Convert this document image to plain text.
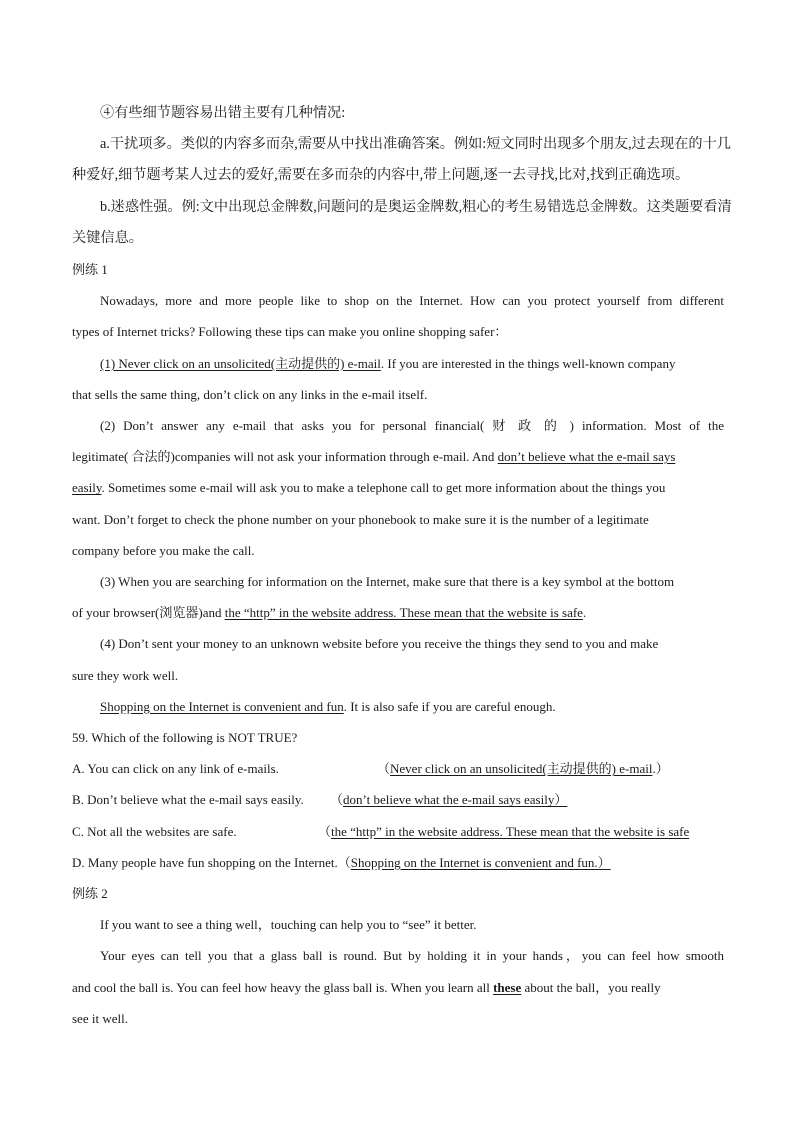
④有些细节题容易出错主要有几种情况:
a.干扰项多。类似的内容多而杂,需要从中找出准确答案。例如:短文同时出现多个朋友,过去现在的十几
种爱好,细节题考某人过去的爱好,需要在多而杂的内容中,带上问题,逐一去寻找,比对,找到正确选项。
b.迷惑性强。例:文中出现总金牌数,问题问的是奥运金牌数,粗心的考生易错选总金牌数。这类题要看清
关键信息。
例练 1
Nowadays, more and more people like to shop on the Internet. How can you protect yourself from different
types of Internet tricks? Following these tips can make you online shopping safer：
(1) Never click on an unsolicited(主动提供的) e-mail. If you are interested in the things well-known company
that sells the same thing, don’t click on any links in the e-mail itself.
(2) Don’t answer any e-mail that asks you for personal financial( 财 政 的 ) information. Most of the
legitimate( 合法的)companies will not ask your information through e-mail. And don’t believe what the e-mail says
easily. Sometimes some e-mail will ask you to make a telephone call to get more information about the things you
want. Don’t forget to check the phone number on your phonebook to make sure it is the number of a legitimate
company before you make the call.
(3) When you are searching for information on the Internet, make sure that there is a key symbol at the bottom
of your browser(浏览器)and the “http” in the website address. These mean that the website is safe.
(4) Don’t sent your money to an unknown website before you receive the things they send to you and make
sure they work well.
Shopping on the Internet is convenient and fun. It is also safe if you are careful enough.
59. Which of the following is NOT TRUE?
A. You can click on any link of e-mails.	（Never click on an unsolicited(主动提供的) e-mail.）
B. Don’t believe what the e-mail says easily. （don’t believe what the e-mail says easily）
C. Not all the websites are safe.	（the “http” in the website address. These mean that the website is safe
D. Many people have fun shopping on the Internet.（Shopping on the Internet is convenient and fun.）
例练 2
If you want to see a thing well，touching can help you to “see” it better.
Your eyes can tell you that a glass ball is round. But by holding it in your hands，you can feel how smooth
and cool the ball is. You can feel how heavy the glass ball is. When you learn all these about the ball，you really
see it well.
